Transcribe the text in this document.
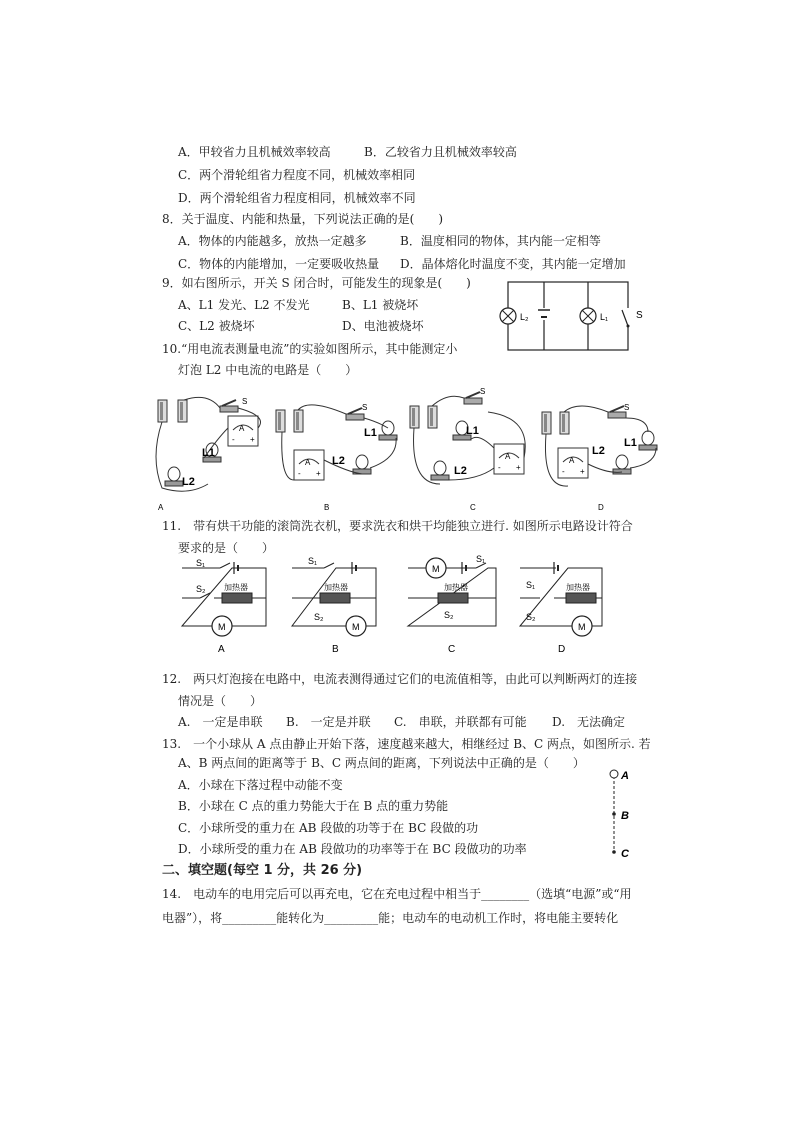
A．甲较省力且机械效率较高	B．乙较省力且机械效率较高
C．两个滑轮组省力程度不同，机械效率相同
D．两个滑轮组省力程度相同，机械效率不同
8．关于温度、内能和热量，下列说法正确的是(　　)
A．物体的内能越多，放热一定越多	B．温度相同的物体，其内能一定相等
C．物体的内能增加，一定要吸收热量 D．晶体熔化时温度不变，其内能一定增加
9．如右图所示，开关 S 闭合时，可能发生的现象是(　　)
A、L1 发光、L2 不发光	B、L1 被烧坏
C、L2 被烧坏	D、电池被烧坏
L₂	L₁	S
10.“用电流表测量电流”的实验如图所示，其中能测定小
灯泡 L2 中电流的电路是（　　）
-	+
L1
L2
S
A
L1
L2
S
B
L1
L2
S
C
L1
L2
S
D
11.　带有烘干功能的滚筒洗衣机，要求洗衣和烘干均能独立进行. 如图所示电路设计符合
要求的是（　　）
S₁
S₂ 加热器
M
A
S₁
S₂
加热器
M
B
M
S₁
S₂
加热器
C
S₁
S₂
加热器
M
D
12.　两只灯泡接在电路中，电流表测得通过它们的电流值相等，由此可以判断两灯的连接
情况是（　　）
A.　一定是串联 B.　一定是并联 C.　串联，并联都有可能 D.　无法确定
13.　一个小球从 A 点由静止开始下落，速度越来越大，相继经过 B、C 两点，如图所示. 若
A、B 两点间的距离等于 B、C 两点间的距离，下列说法中正确的是（　　）
A．小球在下落过程中动能不变
B．小球在 C 点的重力势能大于在 B 点的重力势能
C．小球所受的重力在 AB 段做的功等于在 BC 段做的功
D．小球所受的重力在 AB 段做功的功率等于在 BC 段做功的功率
A
B
C
二、填空题(每空 1 分，共 26 分)
14.　电动车的电用完后可以再充电，它在充电过程中相当于________（选填“电源”或“用
电器”），将_________能转化为_________能；电动车的电动机工作时，将电能主要转化
